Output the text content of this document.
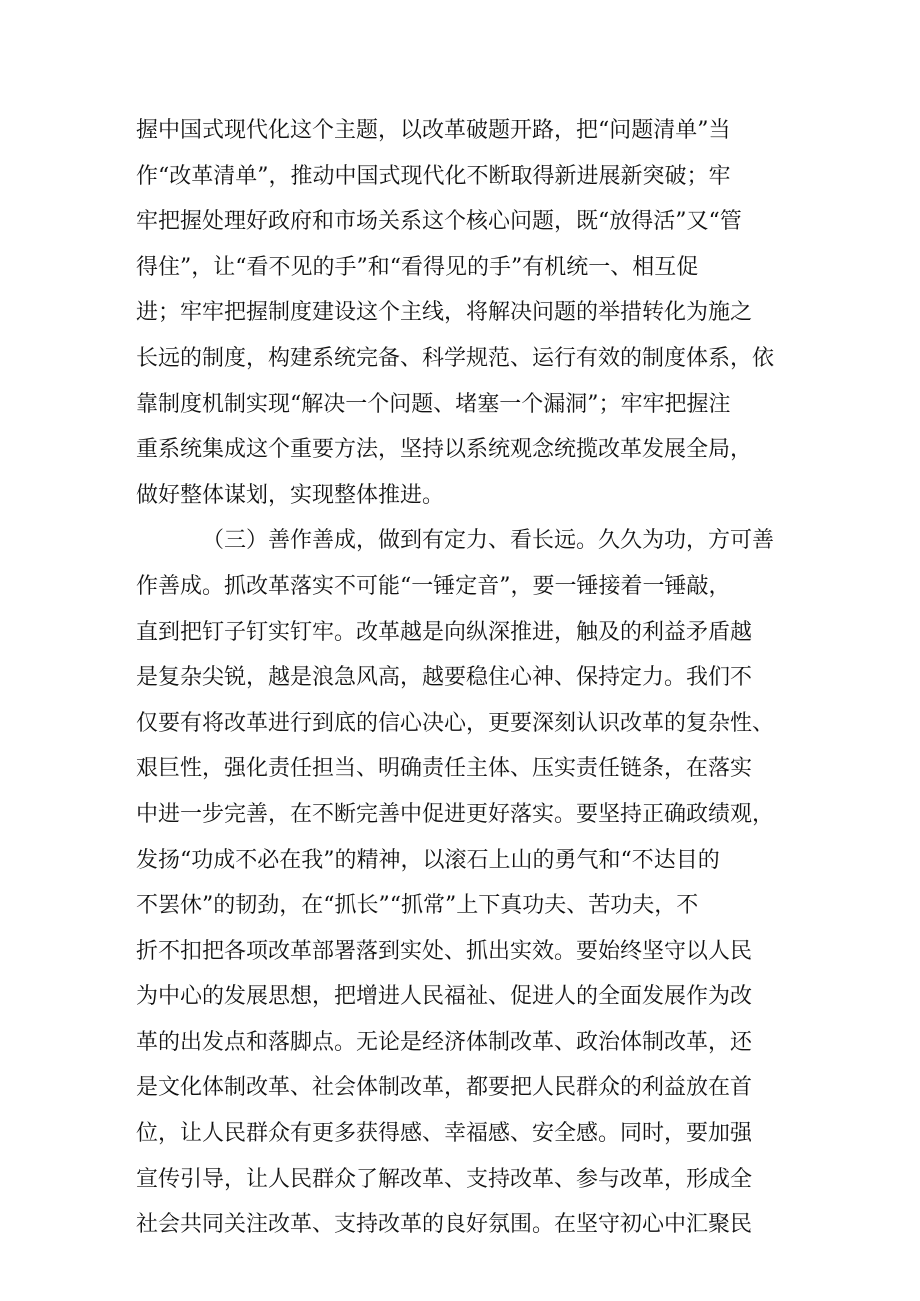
握中国式现代化这个主题，以改革破题开路，把“问题清单”当
作“改革清单”，推动中国式现代化不断取得新进展新突破；牢
牢把握处理好政府和市场关系这个核心问题，既“放得活”又“管
得住”，让“看不见的手”和“看得见的手”有机统一、相互促
进；牢牢把握制度建设这个主线，将解决问题的举措转化为施之
长远的制度，构建系统完备、科学规范、运行有效的制度体系，依
靠制度机制实现“解决一个问题、堵塞一个漏洞”；牢牢把握注
重系统集成这个重要方法，坚持以系统观念统揽改革发展全局，
做好整体谋划，实现整体推进。
（三）善作善成，做到有定力、看长远。久久为功，方可善
作善成。抓改革落实不可能“一锤定音”，要一锤接着一锤敲，
直到把钉子钉实钉牢。改革越是向纵深推进，触及的利益矛盾越
是复杂尖锐，越是浪急风高，越要稳住心神、保持定力。我们不
仅要有将改革进行到底的信心决心，更要深刻认识改革的复杂性、
艰巨性，强化责任担当、明确责任主体、压实责任链条，在落实
中进一步完善，在不断完善中促进更好落实。要坚持正确政绩观，
发扬“功成不必在我”的精神，以滚石上山的勇气和“不达目的
不罢休”的韧劲，在“抓长”“抓常”上下真功夫、苦功夫，不
折不扣把各项改革部署落到实处、抓出实效。要始终坚守以人民
为中心的发展思想，把增进人民福祉、促进人的全面发展作为改
革的出发点和落脚点。无论是经济体制改革、政治体制改革，还
是文化体制改革、社会体制改革，都要把人民群众的利益放在首
位，让人民群众有更多获得感、幸福感、安全感。同时，要加强
宣传引导，让人民群众了解改革、支持改革、参与改革，形成全
社会共同关注改革、支持改革的良好氛围。在坚守初心中汇聚民
